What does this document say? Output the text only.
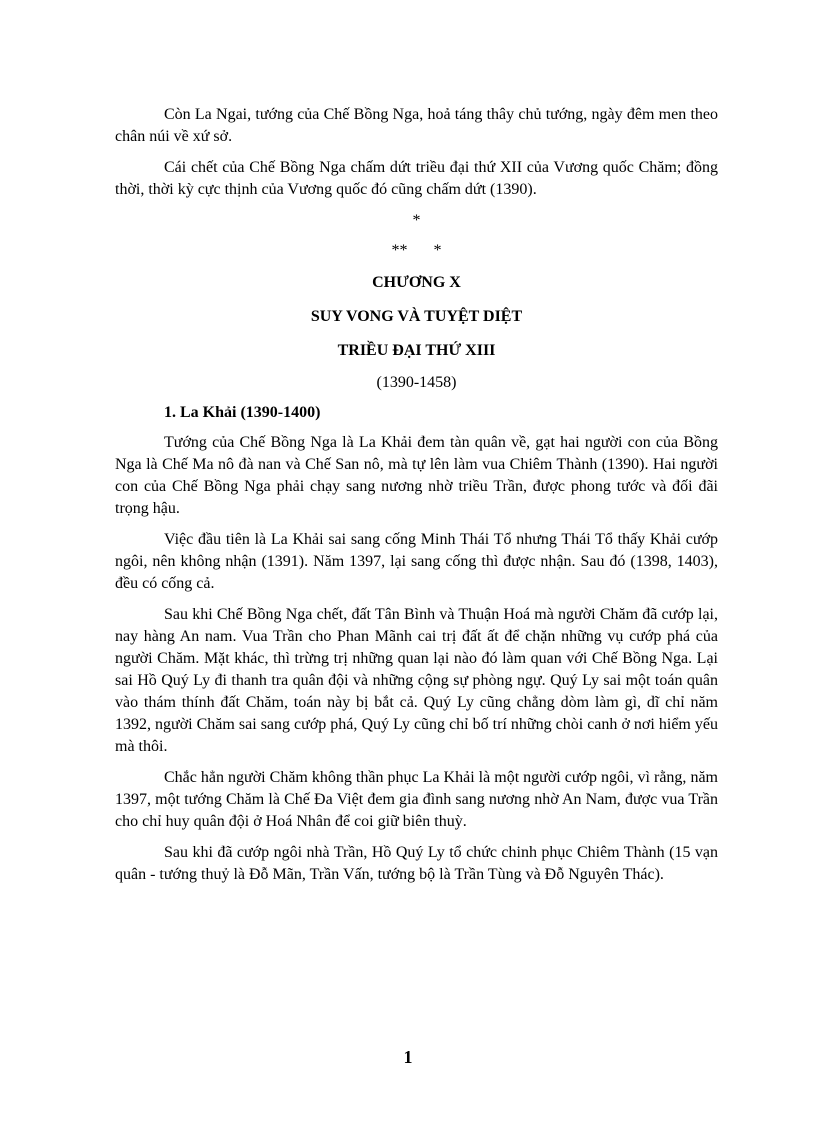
Còn La Ngai, tướng của Chế Bồng Nga, hoả táng thây chủ tướng, ngày đêm men theo chân núi về xứ sở.

Cái chết của Chế Bồng Nga chấm dứt triều đại thứ XII của Vương quốc Chăm; đồng thời, thời kỳ cực thịnh của Vương quốc đó cũng chấm dứt (1390).

*

** *

CHƯƠNG X

SUY VONG VÀ TUYỆT DIỆT

TRIỀU ĐẠI THỨ XIII

(1390-1458)

1. La Khải (1390-1400)

Tướng của Chế Bồng Nga là La Khải đem tàn quân về, gạt hai người con của Bồng Nga là Chế Ma nô đà nan và Chế San nô, mà tự lên làm vua Chiêm Thành (1390). Hai người con của Chế Bồng Nga phải chạy sang nương nhờ triều Trần, được phong tước và đối đãi trọng hậu.

Việc đầu tiên là La Khải sai sang cống Minh Thái Tổ nhưng Thái Tổ thấy Khải cướp ngôi, nên không nhận (1391). Năm 1397, lại sang cống thì được nhận. Sau đó (1398, 1403), đều có cống cả.

Sau khi Chế Bồng Nga chết, đất Tân Bình và Thuận Hoá mà người Chăm đã cướp lại, nay hàng An nam. Vua Trần cho Phan Mãnh cai trị đất ất để chặn những vụ cướp phá của người Chăm. Mặt khác, thì trừng trị những quan lại nào đó làm quan với Chế Bồng Nga. Lại sai Hồ Quý Ly đi thanh tra quân đội và những cộng sự phòng ngự. Quý Ly sai một toán quân vào thám thính đất Chăm, toán này bị bắt cả. Quý Ly cũng chẳng dòm làm gì, dĩ chỉ năm 1392, người Chăm sai sang cướp phá, Quý Ly cũng chỉ bố trí những chòi canh ở nơi hiểm yếu mà thôi.

Chắc hẳn người Chăm không thần phục La Khải là một người cướp ngôi, vì rằng, năm 1397, một tướng Chăm là Chế Đa Việt đem gia đình sang nương nhờ An Nam, được vua Trần cho chỉ huy quân đội ở Hoá Nhân để coi giữ biên thuỳ.

Sau khi đã cướp ngôi nhà Trần, Hồ Quý Ly tổ chức chinh phục Chiêm Thành (15 vạn quân - tướng thuỷ là Đỗ Mãn, Trần Vấn, tướng bộ là Trần Tùng và Đỗ Nguyên Thác).

1
